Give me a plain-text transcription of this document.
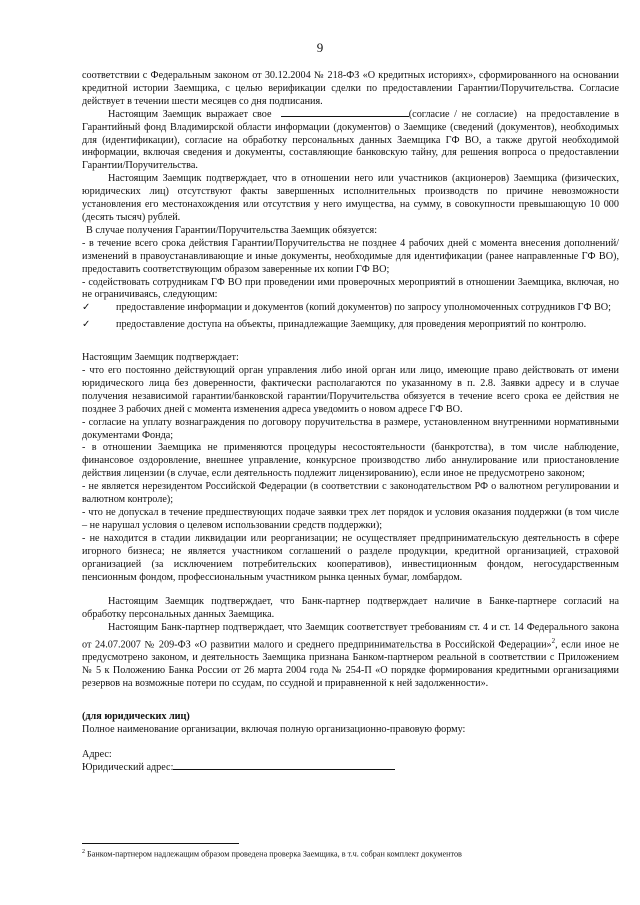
9

соответствии с Федеральным законом от 30.12.2004 № 218-ФЗ «О кредитных историях», сформированного на основании кредитной истории Заемщика, с целью верификации сделки по предоставлении Гарантии/Поручительства. Согласие действует в течении шести месяцев со дня подписания.

Настоящим Заемщик выражает свое	(согласие / не согласие) на предоставление в Гарантийный фонд Владимирской области информации (документов) о Заемщике (сведений (документов), необходимых для (идентификации), согласие на обработку персональных данных Заемщика ГФ ВО, а также другой необходимой информации, включая сведения и документы, составляющие банковскую тайну, для решения вопроса о предоставлении Гарантии/Поручительства.

Настоящим Заемщик подтверждает, что в отношении него или участников (акционеров) Заемщика (физических, юридических лиц) отсутствуют факты завершенных исполнительных производств по причине невозможности установления его местонахождения или отсутствия у него имущества, на сумму, в совокупности превышающую 10 000 (десять тысяч) рублей.

В случае получения Гарантии/Поручительства Заемщик обязуется:

- в течение всего срока действия Гарантии/Поручительства не позднее 4 рабочих дней с момента внесения дополнений/изменений в правоустанавливающие и иные документы, необходимые для идентификации (ранее направленные ГФ ВО), предоставить соответствующим образом заверенные их копии ГФ ВО;

- содействовать сотрудникам ГФ ВО при проведении ими проверочных мероприятий в отношении Заемщика, включая, но не ограничиваясь, следующим:

✓	предоставление информации и документов (копий документов) по запросу уполномоченных сотрудников ГФ ВО;
✓	предоставление доступа на объекты, принадлежащие Заемщику, для проведения мероприятий по контролю.

Настоящим Заемщик подтверждает:

- что его постоянно действующий орган управления либо иной орган или лицо, имеющие право действовать от имени юридического лица без доверенности, фактически располагаются по указанному в п. 2.8. Заявки адресу и в случае получения независимой гарантии/банковской гарантии/Поручительства обязуется в течение всего срока ее действия не позднее 3 рабочих дней с момента изменения адреса уведомить о новом адресе ГФ ВО.

- согласие на уплату вознаграждения по договору поручительства в размере, установленном внутренними нормативными документами Фонда;

- в отношении Заемщика не применяются процедуры несостоятельности (банкротства), в том числе наблюдение, финансовое оздоровление, внешнее управление, конкурсное производство либо аннулирование или приостановление действия лицензии (в случае, если деятельность подлежит лицензированию), если иное не предусмотрено законом;

- не является нерезидентом Российской Федерации (в соответствии с законодательством РФ о валютном регулировании и валютном контроле);

- что не допускал в течение предшествующих подаче заявки трех лет порядок и условия оказания поддержки (в том числе – не нарушал условия о целевом использовании средств поддержки);

- не находится в стадии ликвидации или реорганизации; не осуществляет предпринимательскую деятельность в сфере игорного бизнеса; не является участником соглашений о разделе продукции, кредитной организацией, страховой организацией (за исключением потребительских кооперативов), инвестиционным фондом, негосударственным пенсионным фондом, профессиональным участником рынка ценных бумаг, ломбардом.

Настоящим Заемщик подтверждает, что Банк-партнер подтверждает наличие в Банке-партнере согласий на обработку персональных данных Заемщика.

Настоящим Банк-партнер подтверждает, что Заемщик соответствует требованиям ст. 4 и ст. 14 Федерального закона от 24.07.2007 № 209-ФЗ «О развитии малого и среднего предпринимательства в Российской Федерации»$^2$, если иное не предусмотрено законом, и деятельность Заемщика признана Банком-партнером реальной в соответствии с Приложением № 5 к Положению Банка России от 26 марта 2004 года № 254-П «О порядке формирования кредитными организациями резервов на возможные потери по ссудам, по ссудной и приравненной к ней задолженности».

(для юридических лиц)

Полное наименование организации, включая полную организационно-правовую форму:

Адрес:

Юридический адрес:

$^2$ Банком-партнером надлежащим образом проведена проверка Заемщика, в т.ч. собран комплект документов
